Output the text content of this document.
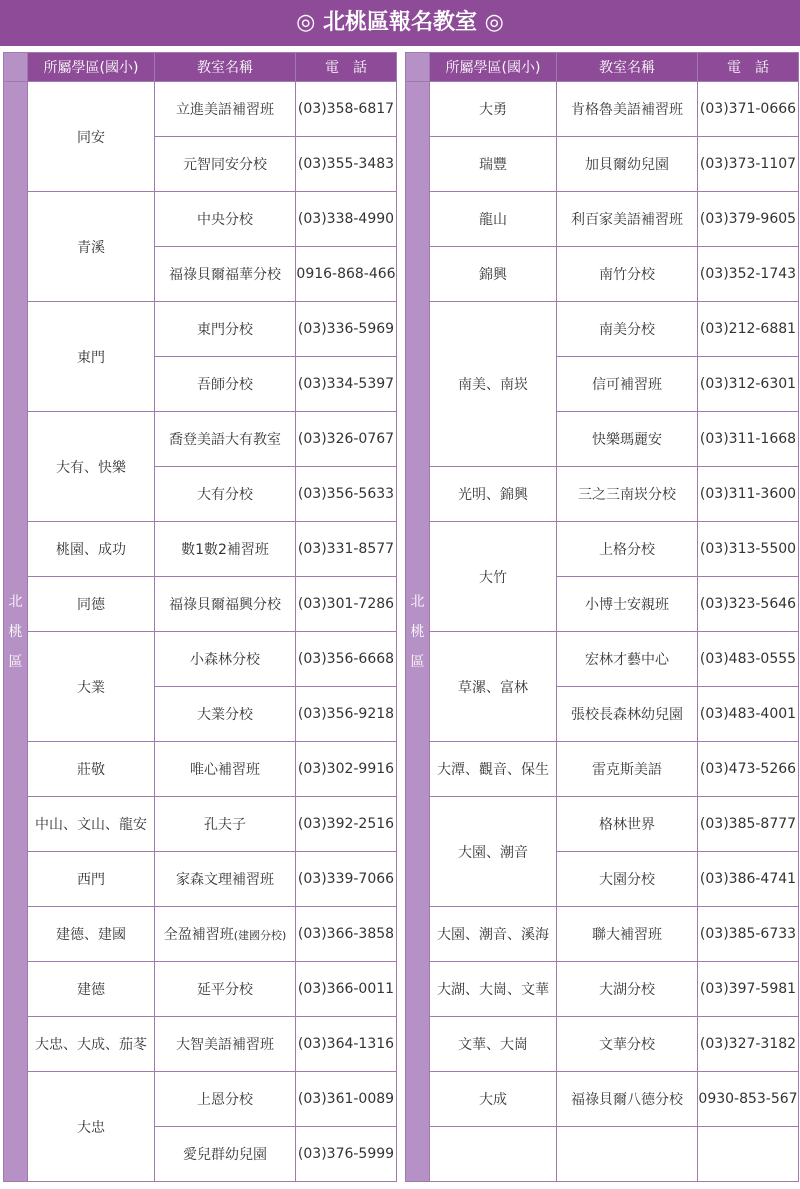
◎ 北桃區報名教室 ◎
	所屬學區(國小)	教室名稱	電　話

北
桃
區	同安	立進美語補習班	(03)358-6817
		元智同安分校	(03)355-3483
	青溪	中央分校	(03)338-4990
		福祿貝爾福華分校	0916-868-466
	東門	東門分校	(03)336-5969
		吾師分校	(03)334-5397
	大有、快樂	喬登美語大有教室	(03)326-0767
		大有分校	(03)356-5633
	桃園、成功	數1數2補習班	(03)331-8577
	同德	福祿貝爾福興分校	(03)301-7286
	大業	小森林分校	(03)356-6668
		大業分校	(03)356-9218
	莊敬	唯心補習班	(03)302-9916
	中山、文山、龍安	孔夫子	(03)392-2516
	西門	家森文理補習班	(03)339-7066
	建德、建國	全盈補習班(建國分校)	(03)366-3858
	建德	延平分校	(03)366-0011
	大忠、大成、茄苳	大智美語補習班	(03)364-1316
	大忠	上恩分校	(03)361-0089
		愛兒群幼兒園	(03)376-5999
	所屬學區(國小)	教室名稱	電　話

北
桃
區	大勇	肯格魯美語補習班	(03)371-0666
	瑞豐	加貝爾幼兒園	(03)373-1107
	龍山	利百家美語補習班	(03)379-9605
	錦興	南竹分校	(03)352-1743
	南美、南崁	南美分校	(03)212-6881
		信可補習班	(03)312-6301
		快樂瑪麗安	(03)311-1668
	光明、錦興	三之三南崁分校	(03)311-3600
	大竹	上格分校	(03)313-5500
		小博士安親班	(03)323-5646
	草漯、富林	宏林才藝中心	(03)483-0555
		張校長森林幼兒園	(03)483-4001
	大潭、觀音、保生	雷克斯美語	(03)473-5266
	大園、潮音	格林世界	(03)385-8777
		大園分校	(03)386-4741
	大園、潮音、溪海	聯大補習班	(03)385-6733
	大湖、大崗、文華	大湖分校	(03)397-5981
	文華、大崗	文華分校	(03)327-3182
	大成	福祿貝爾八德分校	0930-853-567
